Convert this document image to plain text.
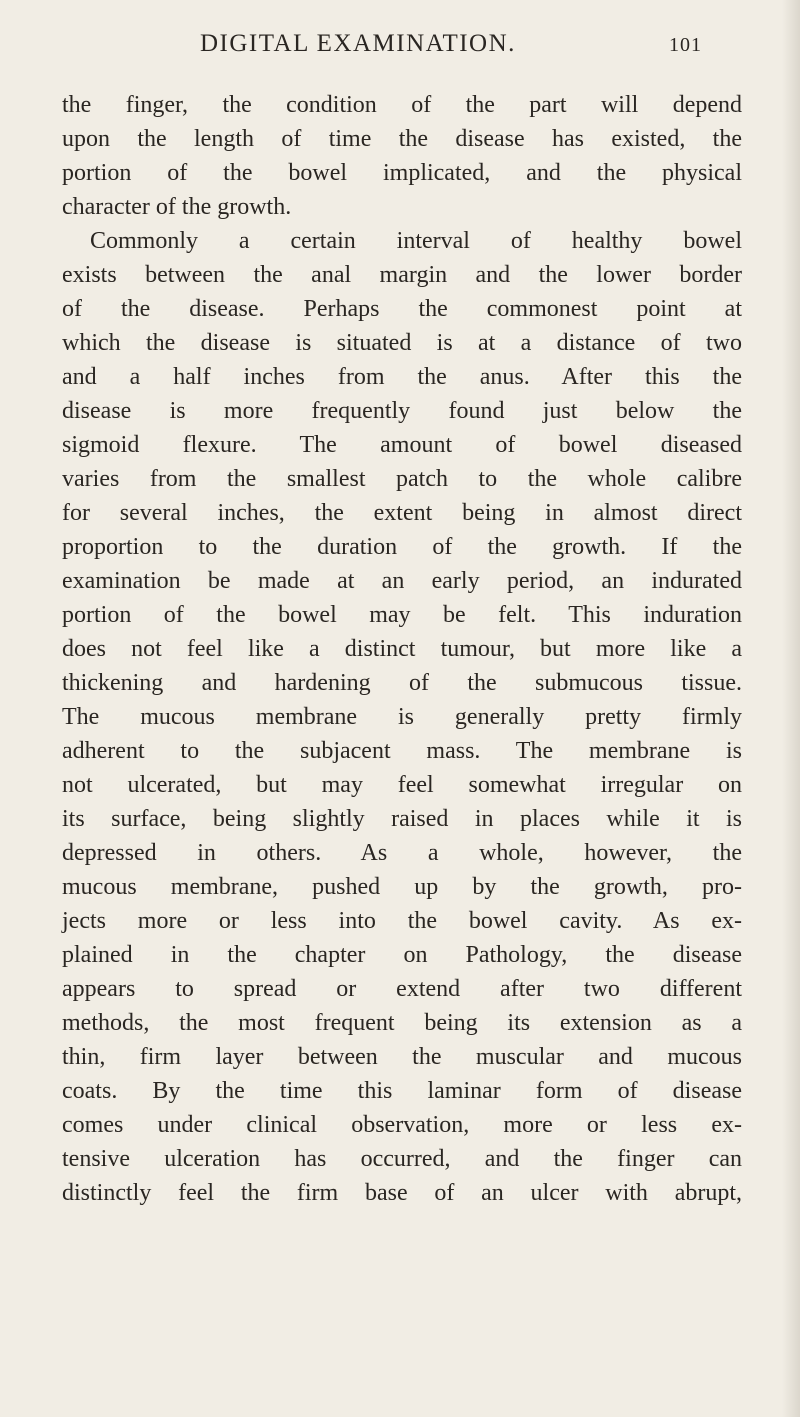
DIGITAL EXAMINATION.	101
the finger, the condition of the part will depend
upon the length of time the disease has existed, the
portion of the bowel implicated, and the physical
character of the growth.
Commonly a certain interval of healthy bowel
exists between the anal margin and the lower border
of the disease. Perhaps the commonest point at
which the disease is situated is at a distance of two
and a half inches from the anus. After this the
disease is more frequently found just below the
sigmoid flexure. The amount of bowel diseased
varies from the smallest patch to the whole calibre
for several inches, the extent being in almost direct
proportion to the duration of the growth. If the
examination be made at an early period, an indurated
portion of the bowel may be felt. This induration
does not feel like a distinct tumour, but more like a
thickening and hardening of the submucous tissue.
The mucous membrane is generally pretty firmly
adherent to the subjacent mass. The membrane is
not ulcerated, but may feel somewhat irregular on
its surface, being slightly raised in places while it is
depressed in others. As a whole, however, the
mucous membrane, pushed up by the growth, pro-
jects more or less into the bowel cavity. As ex-
plained in the chapter on Pathology, the disease
appears to spread or extend after two different
methods, the most frequent being its extension as a
thin, firm layer between the muscular and mucous
coats. By the time this laminar form of disease
comes under clinical observation, more or less ex-
tensive ulceration has occurred, and the finger can
distinctly feel the firm base of an ulcer with abrupt,
